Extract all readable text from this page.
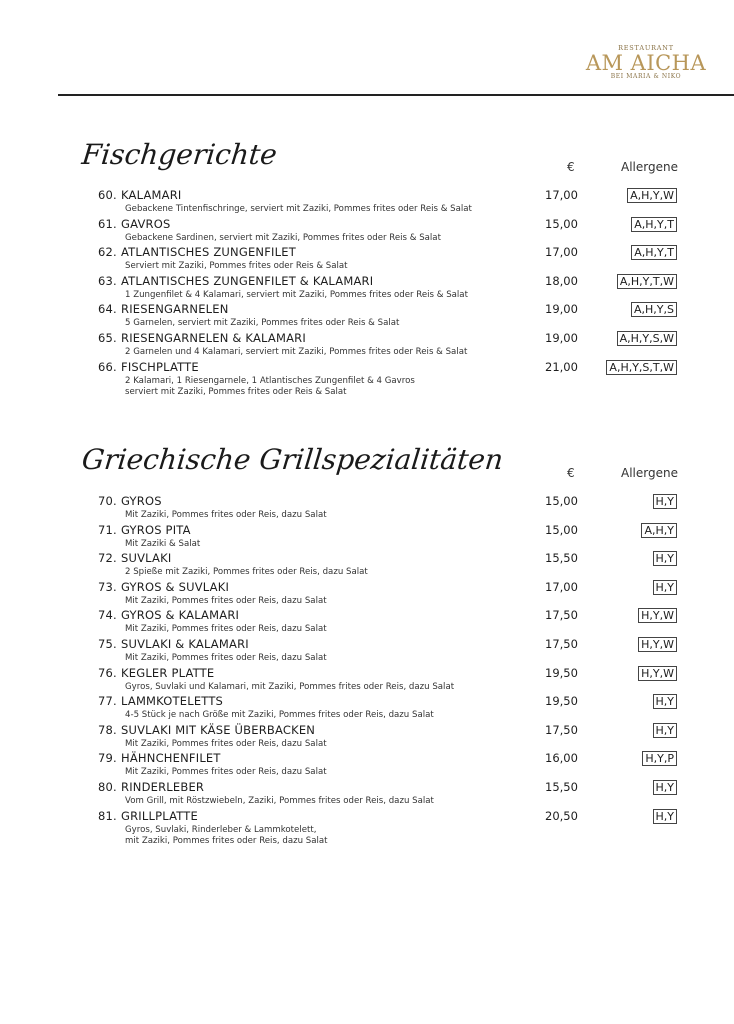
RESTAURANT
AM AICHA
BEI MARIA & NIKO
Fischgerichte	€	Allergene
60. KALAMARI
Gebackene Tintenfischringe, serviert mit Zaziki, Pommes frites oder Reis & Salat
17,00	A,H,Y,W
61. GAVROS
Gebackene Sardinen, serviert mit Zaziki, Pommes frites oder Reis & Salat
15,00	A,H,Y,T
62. ATLANTISCHES ZUNGENFILET
Serviert mit Zaziki, Pommes frites oder Reis & Salat
17,00	A,H,Y,T
63. ATLANTISCHES ZUNGENFILET & KALAMARI
1 Zungenfilet & 4 Kalamari, serviert mit Zaziki, Pommes frites oder Reis & Salat
18,00	A,H,Y,T,W
64. RIESENGARNELEN
5 Garnelen, serviert mit Zaziki, Pommes frites oder Reis & Salat
19,00	A,H,Y,S
65. RIESENGARNELEN & KALAMARI
2 Garnelen und 4 Kalamari, serviert mit Zaziki, Pommes frites oder Reis & Salat
19,00	A,H,Y,S,W
66. FISCHPLATTE
2 Kalamari, 1 Riesengarnele, 1 Atlantisches Zungenfilet & 4 Gavros
serviert mit Zaziki, Pommes frites oder Reis & Salat
21,00	A,H,Y,S,T,W
Griechische Grillspezialitäten	€	Allergene
70. GYROS
Mit Zaziki, Pommes frites oder Reis, dazu Salat
15,00	H,Y
71. GYROS PITA
Mit Zaziki & Salat
15,00	A,H,Y
72. SUVLAKI
2 Spieße mit Zaziki, Pommes frites oder Reis, dazu Salat
15,50	H,Y
73. GYROS & SUVLAKI
Mit Zaziki, Pommes frites oder Reis, dazu Salat
17,00	H,Y
74. GYROS & KALAMARI
Mit Zaziki, Pommes frites oder Reis, dazu Salat
17,50	H,Y,W
75. SUVLAKI & KALAMARI
Mit Zaziki, Pommes frites oder Reis, dazu Salat
17,50	H,Y,W
76. KEGLER PLATTE
Gyros, Suvlaki und Kalamari, mit Zaziki, Pommes frites oder Reis, dazu Salat
19,50	H,Y,W
77. LAMMKOTELETTS
4-5 Stück je nach Größe mit Zaziki, Pommes frites oder Reis, dazu Salat
19,50	H,Y
78. SUVLAKI MIT KÄSE ÜBERBACKEN
Mit Zaziki, Pommes frites oder Reis, dazu Salat
17,50	H,Y
79. HÄHNCHENFILET
Mit Zaziki, Pommes frites oder Reis, dazu Salat
16,00	H,Y,P
80. RINDERLEBER
Vom Grill, mit Röstzwiebeln, Zaziki, Pommes frites oder Reis, dazu Salat
15,50	H,Y
81. GRILLPLATTE
Gyros, Suvlaki, Rinderleber & Lammkotelett,
mit Zaziki, Pommes frites oder Reis, dazu Salat
20,50	H,Y
